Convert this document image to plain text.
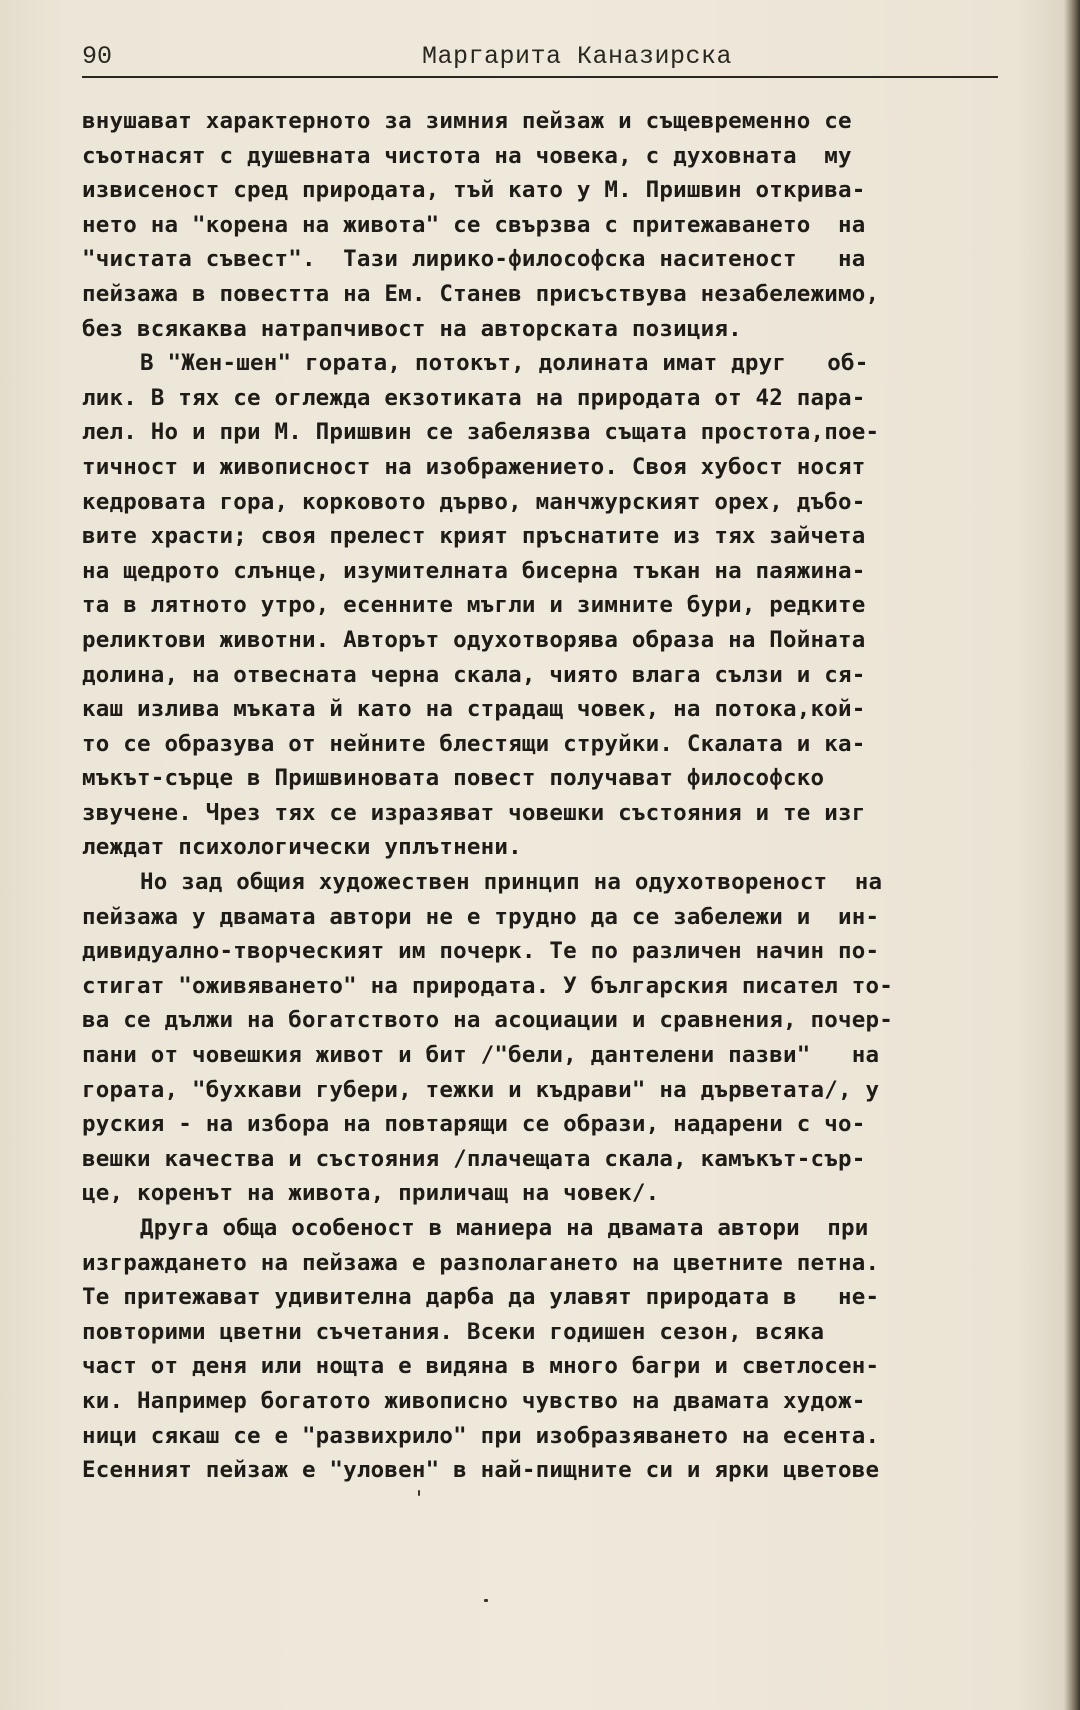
90	Маргарита Каназирска
внушават характерното за зимния пейзаж и същевременно се
съотнасят с душевната чистота на човека, с духовната  му
извисеност сред природата, тъй като у М. Пришвин открива-
нето на "корена на живота" се свързва с притежаването  на
"чистата съвест".  Тази лирико-философска наситеност   на
пейзажа в повестта на Ем. Станев присъствува незабележимо,
без всякаква натрапчивост на авторската позиция.
В "Жен-шен" гората, потокът, долината имат друг   об-
лик. В тях се оглежда екзотиката на природата от 42 пара-
лел. Но и при М. Пришвин се забелязва същата простота,пое-
тичност и живописност на изображението. Своя хубост носят
кедровата гора, корковото дърво, манчжурският орех, дъбо-
вите храсти; своя прелест крият пръснатите из тях зайчета
на щедрото слънце, изумителната бисерна тъкан на паяжина-
та в лятното утро, есенните мъгли и зимните бури, редките
реликтови животни. Авторът одухотворява образа на Пойната
долина, на отвесната черна скала, чиято влага сълзи и ся-
каш излива мъката й като на страдащ човек, на потока,кой-
то се образува от нейните блестящи струйки. Скалата и ка-
мъкът-сърце в Пришвиновата повест получават философско
звучене. Чрез тях се изразяват човешки състояния и те изг
леждат психологически уплътнени.
Но зад общия художествен принцип на одухотвореност  на
пейзажа у двамата автори не е трудно да се забележи и  ин-
дивидуално-творческият им почерк. Те по различен начин по-
стигат "оживяването" на природата. У българския писател то-
ва се дължи на богатството на асоциации и сравнения, почер-
пани от човешкия живот и бит /"бели, дантелени пазви"   на
гората, "бухкави губери, тежки и къдрави" на дърветата/, у
руския - на избора на повтарящи се образи, надарени с чо-
вешки качества и състояния /плачещата скала, камъкът-сър-
це, коренът на живота, приличащ на човек/.
Друга обща особеност в маниера на двамата автори  при
изграждането на пейзажа е разполагането на цветните петна.
Те притежават удивителна дарба да улавят природата в   не-
повторими цветни съчетания. Всеки годишен сезон, всяка
част от деня или нощта е видяна в много багри и светлосен-
ки. Например богатото живописно чувство на двамата худож-
ници сякаш се е "развихрило" при изобразяването на есента.
Есенният пейзаж е "уловен" в най-пищните си и ярки цветове
